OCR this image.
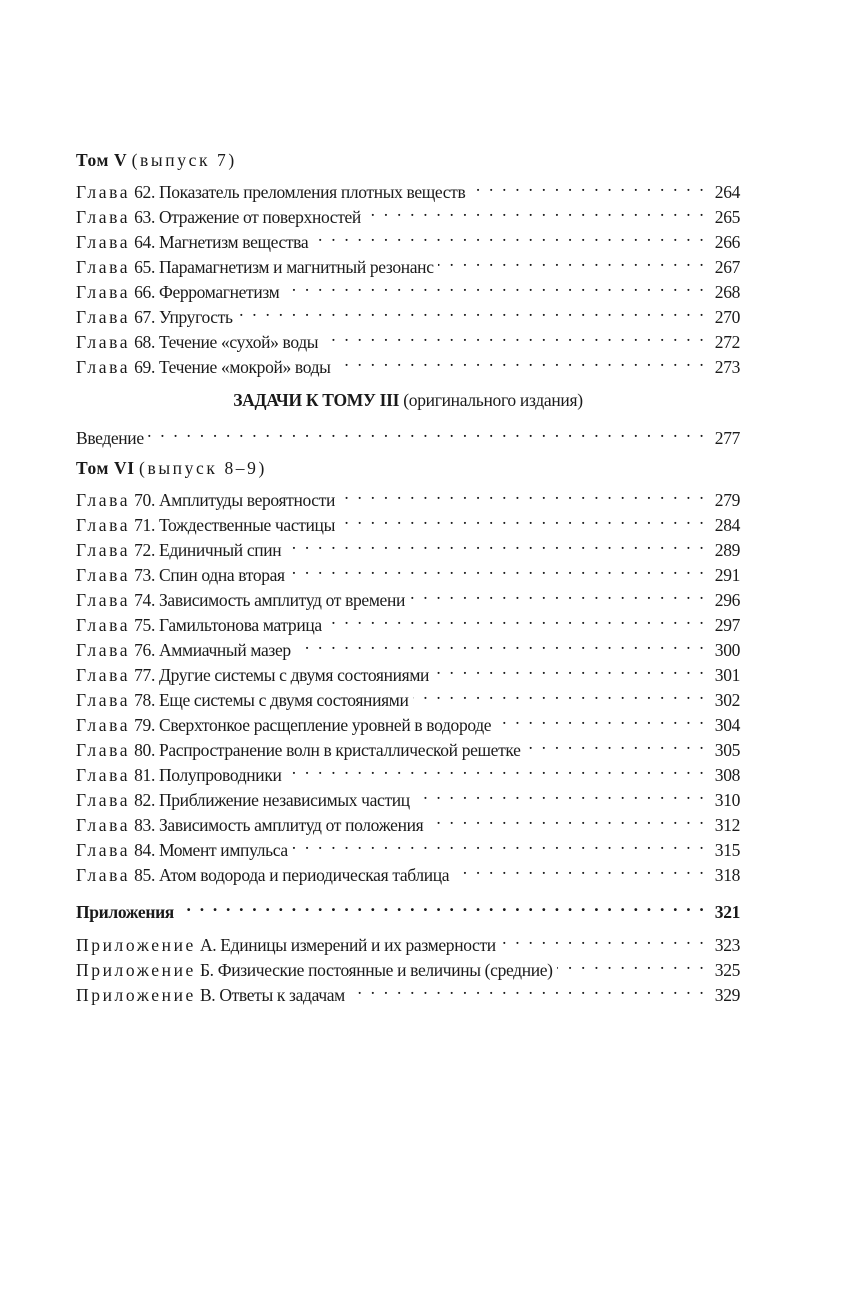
Том V (выпуск 7)
Глава 62. Показатель преломления плотных веществ . . .	264
Глава 63. Отражение от поверхностей . . .	265
Глава 64. Магнетизм вещества . . .	266
Глава 65. Парамагнетизм и магнитный резонанс . . .	267
Глава 66. Ферромагнетизм . . .	268
Глава 67. Упругость . . .	270
Глава 68. Течение «сухой» воды . . .	272
Глава 69. Течение «мокрой» воды . . .	273
ЗАДАЧИ К ТОМУ III (оригинального издания)
Введение . . .	277
Том VI (выпуск 8–9)
Глава 70. Амплитуды вероятности . . .	279
Глава 71. Тождественные частицы . . .	284
Глава 72. Единичный спин . . .	289
Глава 73. Спин одна вторая . . .	291
Глава 74. Зависимость амплитуд от времени . . .	296
Глава 75. Гамильтонова матрица . . .	297
Глава 76. Аммиачный мазер . . .	300
Глава 77. Другие системы с двумя состояниями . . .	301
Глава 78. Еще системы с двумя состояниями . . .	302
Глава 79. Сверхтонкое расщепление уровней в водороде . . .	304
Глава 80. Распространение волн в кристаллической решетке . . .	305
Глава 81. Полупроводники . . .	308
Глава 82. Приближение независимых частиц . . .	310
Глава 83. Зависимость амплитуд от положения . . .	312
Глава 84. Момент импульса . . .	315
Глава 85. Атом водорода и периодическая таблица . . .	318
Приложения . . .	321
Приложение А. Единицы измерений и их размерности . . .	323
Приложение Б. Физические постоянные и величины (средние) . . .	325
Приложение В. Ответы к задачам . . .	329
